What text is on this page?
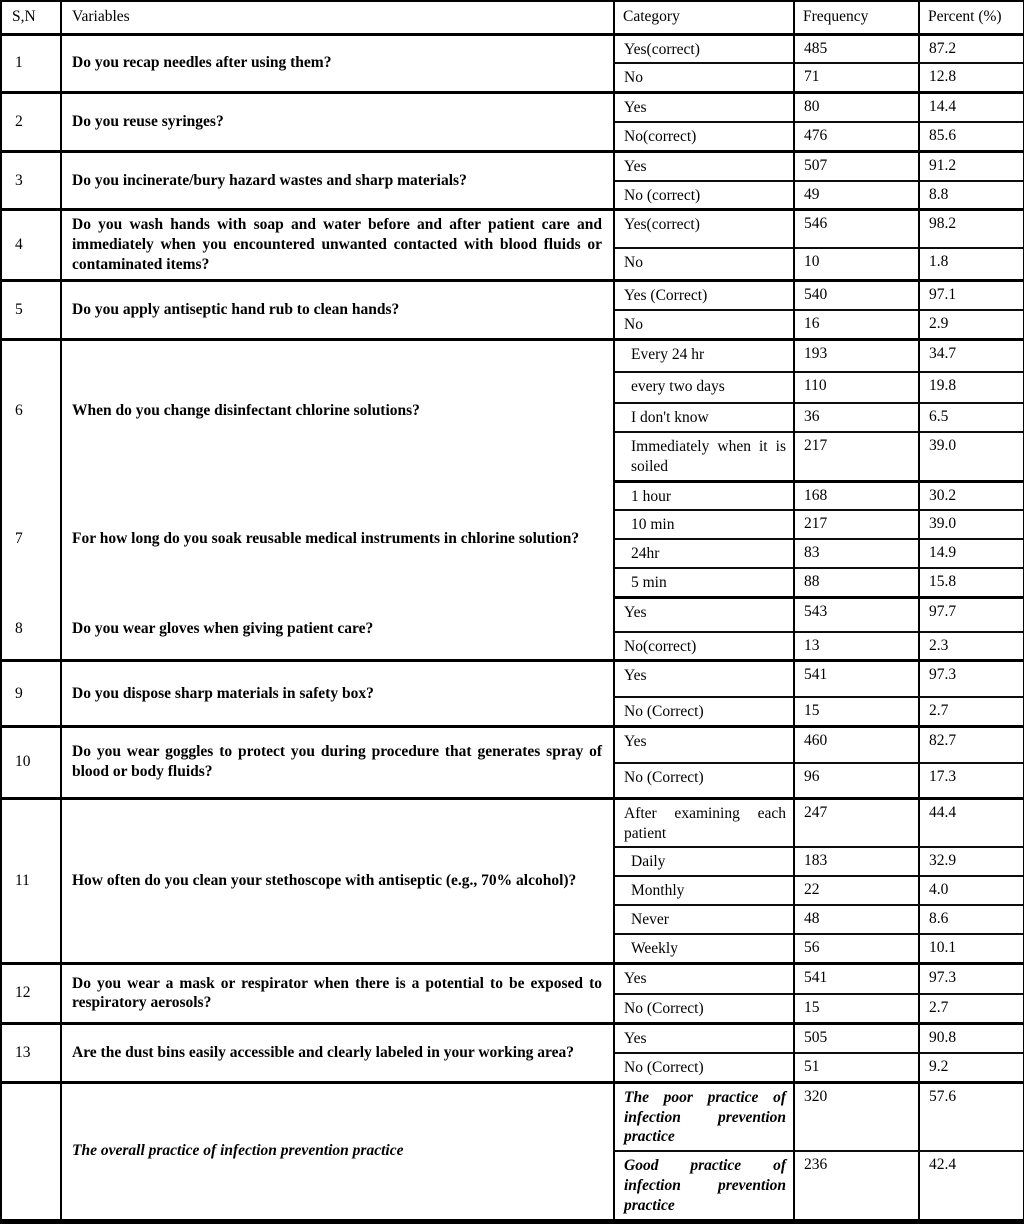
S,N	Variables	Category	Frequency	Percent (%)
1	Do you recap needles after using them?	Yes(correct)	485	87.2
		No	71	12.8
2	Do you reuse syringes?	Yes	80	14.4
		No(correct)	476	85.6
3	Do you incinerate/bury hazard wastes and sharp materials?	Yes	507	91.2
		No (correct)	49	8.8
4	Do you wash hands with soap and water before and after patient care and immediately when you encountered unwanted contacted with blood fluids or contaminated items?	Yes(correct)	546	98.2
		No	10	1.8
5	Do you apply antiseptic hand rub to clean hands?	Yes (Correct)	540	97.1
		No	16	2.9
6	When do you change disinfectant chlorine solutions?	Every 24 hr	193	34.7
		every two days	110	19.8
		I don't know	36	6.5
		Immediately when it is soiled	217	39.0
7	For how long do you soak reusable medical instruments in chlorine solution?	1 hour	168	30.2
		10 min	217	39.0
		24hr	83	14.9
		5 min	88	15.8
8	Do you wear gloves when giving patient care?	Yes	543	97.7
		No(correct)	13	2.3
9	Do you dispose sharp materials in safety box?	Yes	541	97.3
		No (Correct)	15	2.7
10	Do you wear goggles to protect you during procedure that generates spray of blood or body fluids?	Yes	460	82.7
		No (Correct)	96	17.3
11	How often do you clean your stethoscope with antiseptic (e.g., 70% alcohol)?	After examining each patient	247	44.4
		Daily	183	32.9
		Monthly	22	4.0
		Never	48	8.6
		Weekly	56	10.1
12	Do you wear a mask or respirator when there is a potential to be exposed to respiratory aerosols?	Yes	541	97.3
		No (Correct)	15	2.7
13	Are the dust bins easily accessible and clearly labeled in your working area?	Yes	505	90.8
		No (Correct)	51	9.2
	The overall practice of infection prevention practice	The poor practice of infection prevention practice	320	57.6
		Good practice of infection prevention practice	236	42.4
